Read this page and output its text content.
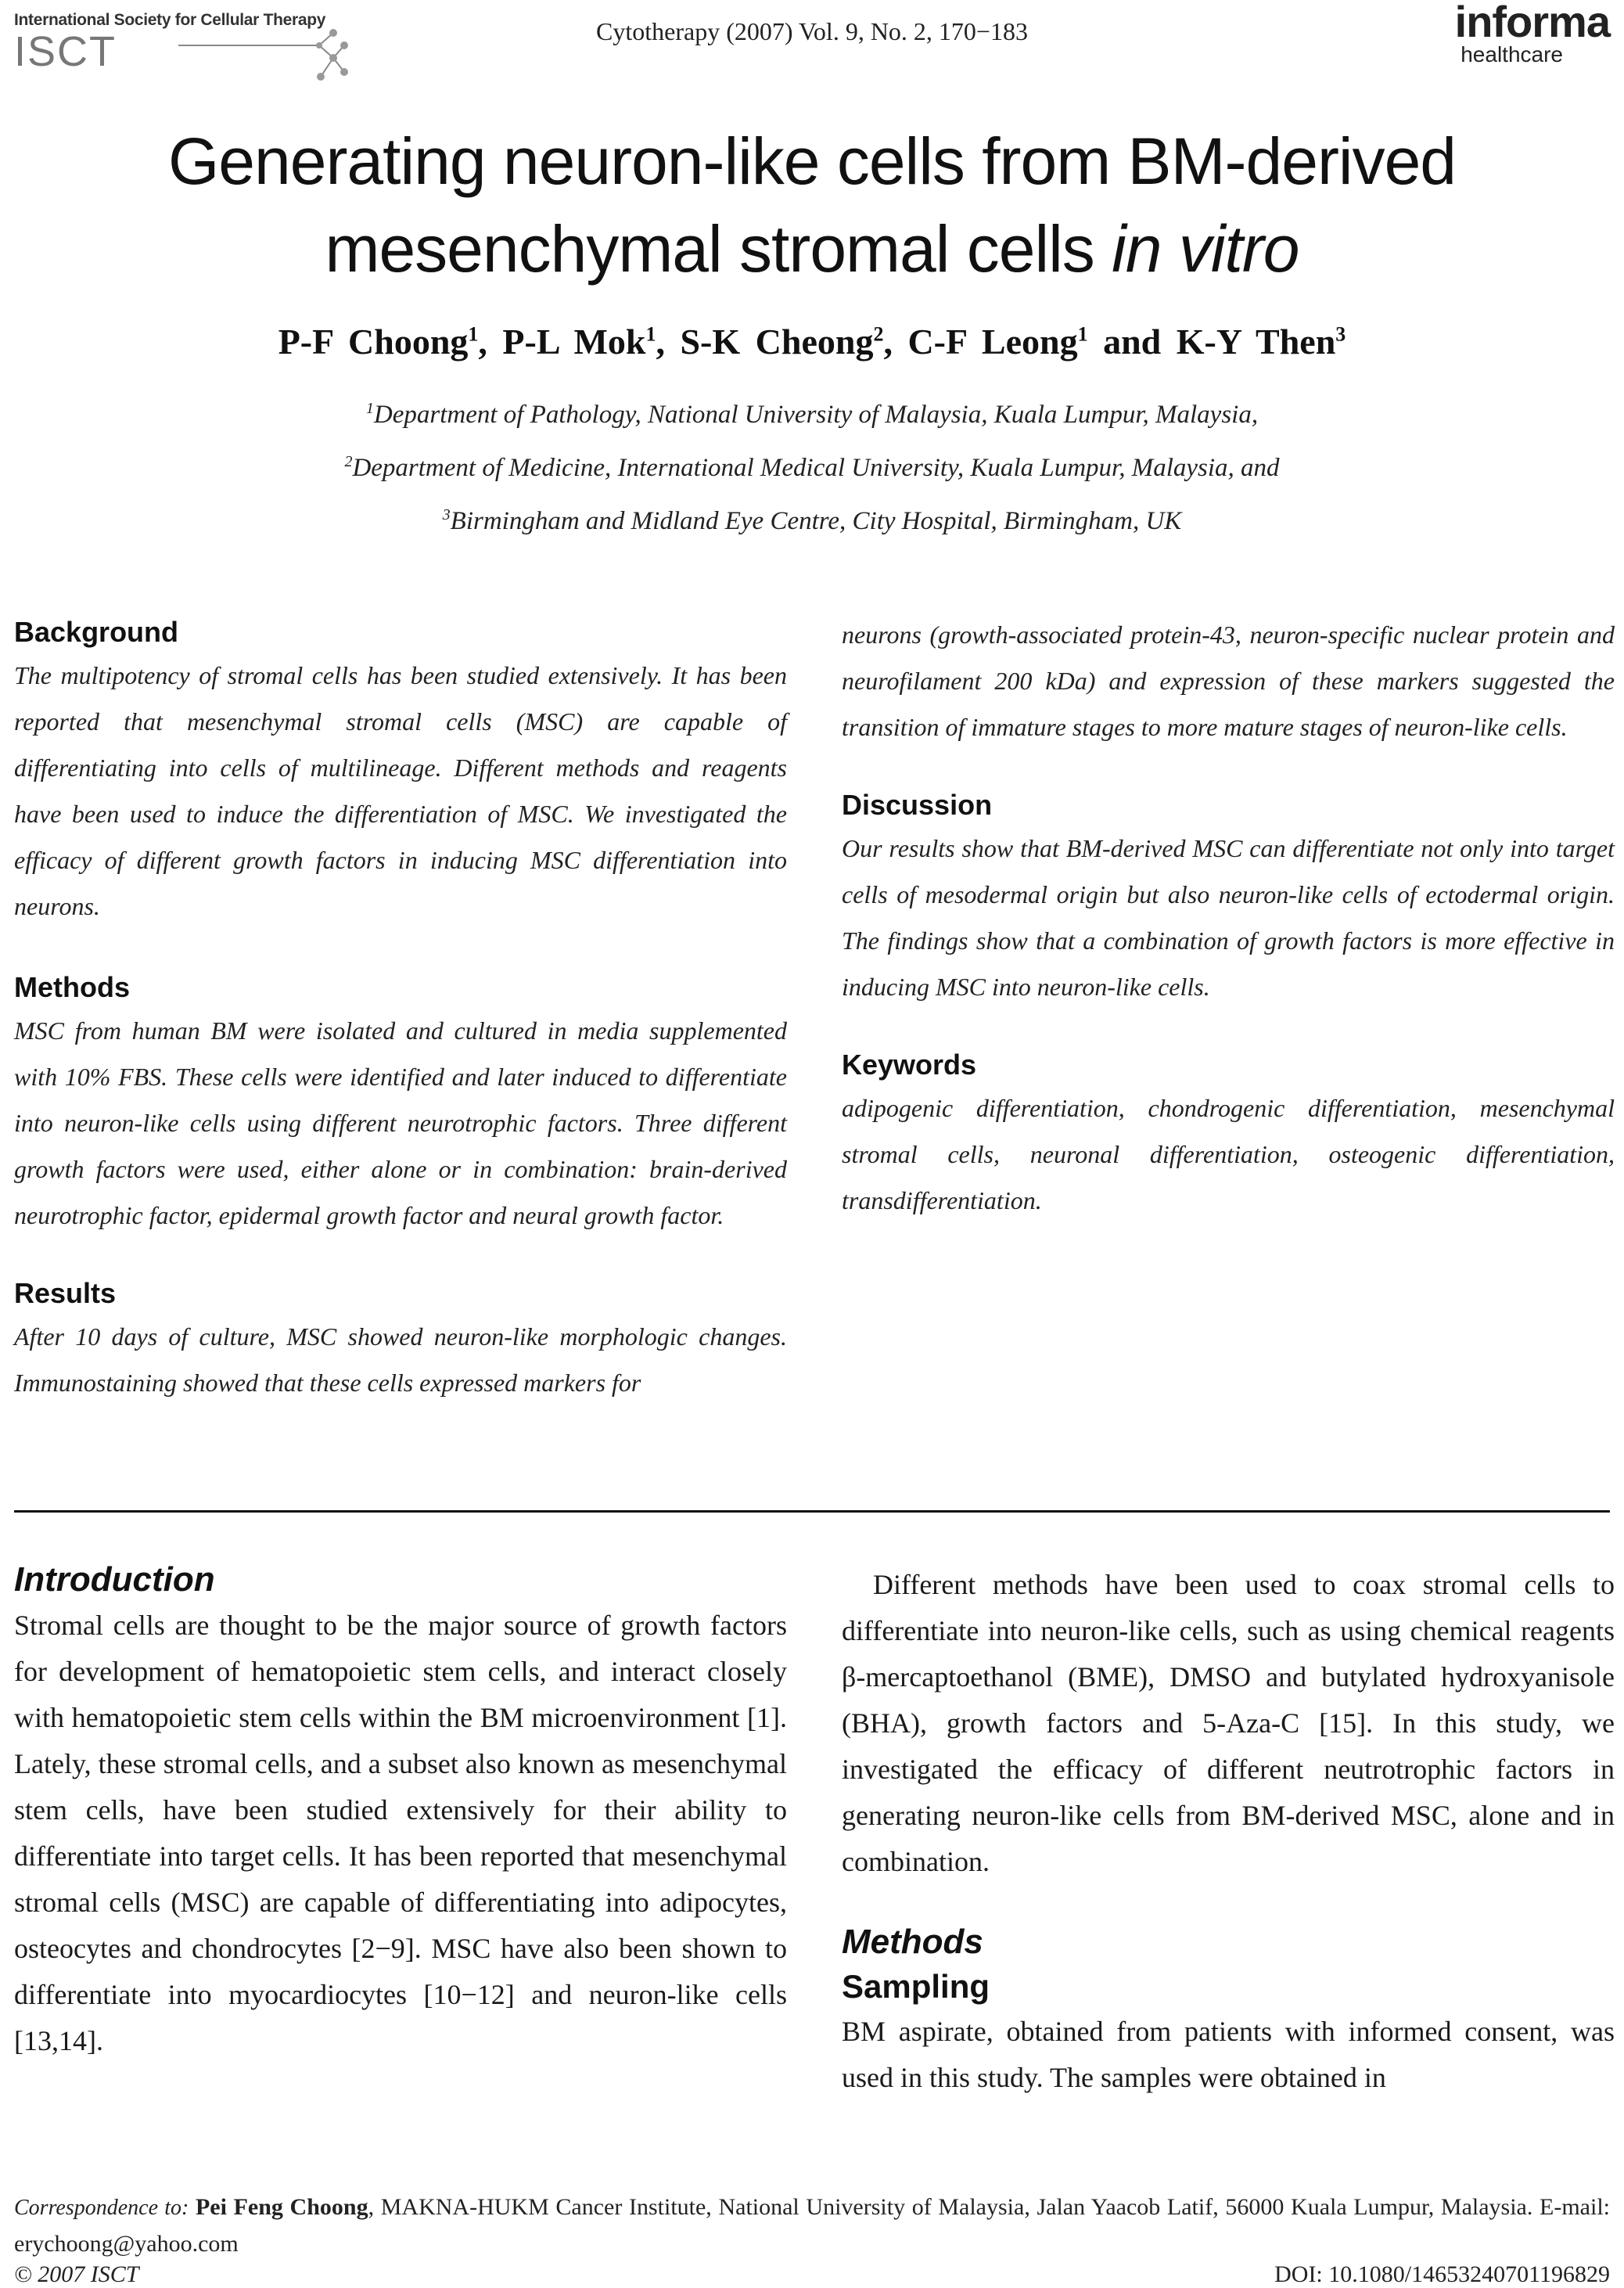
International Society for Cellular Therapy
ISCT	Cytotherapy (2007) Vol. 9, No. 2, 170−183	informa
healthcare
Generating neuron-like cells from BM-derived
mesenchymal stromal cells in vitro
P-F Choong$^1$, P-L Mok$^1$, S-K Cheong$^2$, C-F Leong$^1$ and K-Y Then$^3$
$^1$Department of Pathology, National University of Malaysia, Kuala Lumpur, Malaysia,
$^2$Department of Medicine, International Medical University, Kuala Lumpur, Malaysia, and
$^3$Birmingham and Midland Eye Centre, City Hospital, Birmingham, UK
Background

The multipotency of stromal cells has been studied extensively. It has been reported that mesenchymal stromal cells (MSC) are capable of differentiating into cells of multilineage. Different methods and reagents have been used to induce the differentiation of MSC. We investigated the efficacy of different growth factors in inducing MSC differentiation into neurons.

Methods

MSC from human BM were isolated and cultured in media supplemented with 10% FBS. These cells were identified and later induced to differentiate into neuron-like cells using different neurotrophic factors. Three different growth factors were used, either alone or in combination: brain-derived neurotrophic factor, epidermal growth factor and neural growth factor.

Results

After 10 days of culture, MSC showed neuron-like morphologic changes. Immunostaining showed that these cells expressed markers for

neurons (growth-associated protein-43, neuron-specific nuclear protein and neurofilament 200 kDa) and expression of these markers suggested the transition of immature stages to more mature stages of neuron-like cells.

Discussion

Our results show that BM-derived MSC can differentiate not only into target cells of mesodermal origin but also neuron-like cells of ectodermal origin. The findings show that a combination of growth factors is more effective in inducing MSC into neuron-like cells.

Keywords

adipogenic differentiation, chondrogenic differentiation, mesenchymal stromal cells, neuronal differentiation, osteogenic differentiation, transdifferentiation.

Introduction

Stromal cells are thought to be the major source of growth factors for development of hematopoietic stem cells, and interact closely with hematopoietic stem cells within the BM microenvironment [1]. Lately, these stromal cells, and a subset also known as mesenchymal stem cells, have been studied extensively for their ability to differentiate into target cells. It has been reported that mesenchymal stromal cells (MSC) are capable of differentiating into adipocytes, osteocytes and chondrocytes [2−9]. MSC have also been shown to differentiate into myocardiocytes [10−12] and neuron-like cells [13,14].

Different methods have been used to coax stromal cells to differentiate into neuron-like cells, such as using chemical reagents β-mercaptoethanol (BME), DMSO and butylated hydroxyanisole (BHA), growth factors and 5-Aza-C [15]. In this study, we investigated the efficacy of different neutrotrophic factors in generating neuron-like cells from BM-derived MSC, alone and in combination.

Methods
Sampling

BM aspirate, obtained from patients with informed consent, was used in this study. The samples were obtained in

Correspondence to: Pei Feng Choong, MAKNA-HUKM Cancer Institute, National University of Malaysia, Jalan Yaacob Latif, 56000 Kuala Lumpur, Malaysia. E-mail: erychoong@yahoo.com
© 2007 ISCT	DOI: 10.1080/14653240701196829
